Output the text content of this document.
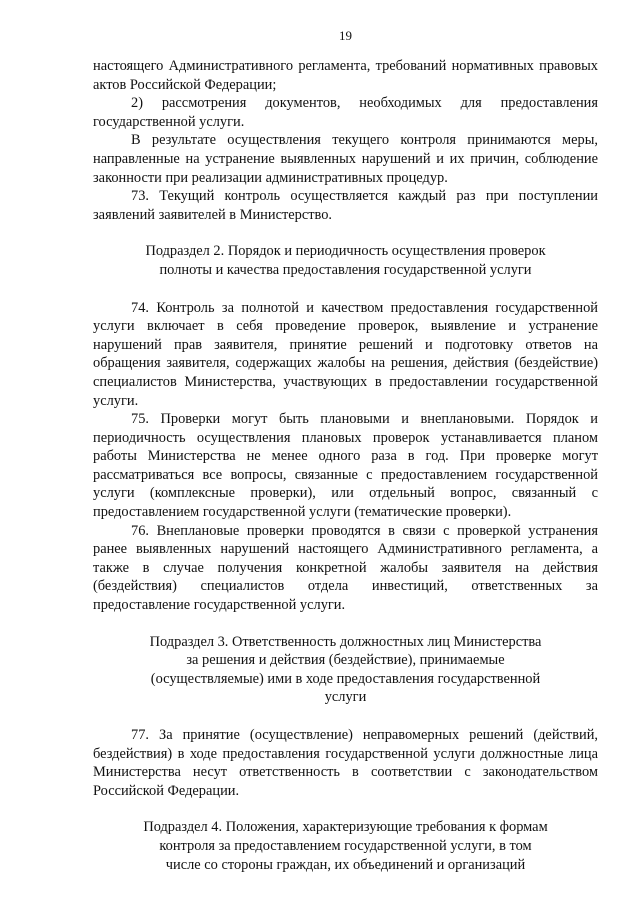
19

настоящего Административного регламента, требований нормативных правовых актов Российской Федерации;

2) рассмотрения документов, необходимых для предоставления государственной услуги.

В результате осуществления текущего контроля принимаются меры, направленные на устранение выявленных нарушений и их причин, соблюдение законности при реализации административных процедур.

73. Текущий контроль осуществляется каждый раз при поступлении заявлений заявителей в Министерство.

Подраздел 2. Порядок и периодичность осуществления проверок
полноты и качества предоставления государственной услуги

74. Контроль за полнотой и качеством предоставления государственной услуги включает в себя проведение проверок, выявление и устранение нарушений прав заявителя, принятие решений и подготовку ответов на обращения заявителя, содержащих жалобы на решения, действия (бездействие) специалистов Министерства, участвующих в предоставлении государственной услуги.

75. Проверки могут быть плановыми и внеплановыми. Порядок и периодичность осуществления плановых проверок устанавливается планом работы Министерства не менее одного раза в год. При проверке могут рассматриваться все вопросы, связанные с предоставлением государственной услуги (комплексные проверки), или отдельный вопрос, связанный с предоставлением государственной услуги (тематические проверки).

76. Внеплановые проверки проводятся в связи с проверкой устранения ранее выявленных нарушений настоящего Административного регламента, а также в случае получения конкретной жалобы заявителя на действия (бездействия) специалистов отдела инвестиций, ответственных за предоставление государственной услуги.

Подраздел 3. Ответственность должностных лиц Министерства
за решения и действия (бездействие), принимаемые
(осуществляемые) ими в ходе предоставления государственной
услуги

77. За принятие (осуществление) неправомерных решений (действий, бездействия) в ходе предоставления государственной услуги должностные лица Министерства несут ответственность в соответствии с законодательством Российской Федерации.

Подраздел 4. Положения, характеризующие требования к формам
контроля за предоставлением государственной услуги, в том
числе со стороны граждан, их объединений и организаций
